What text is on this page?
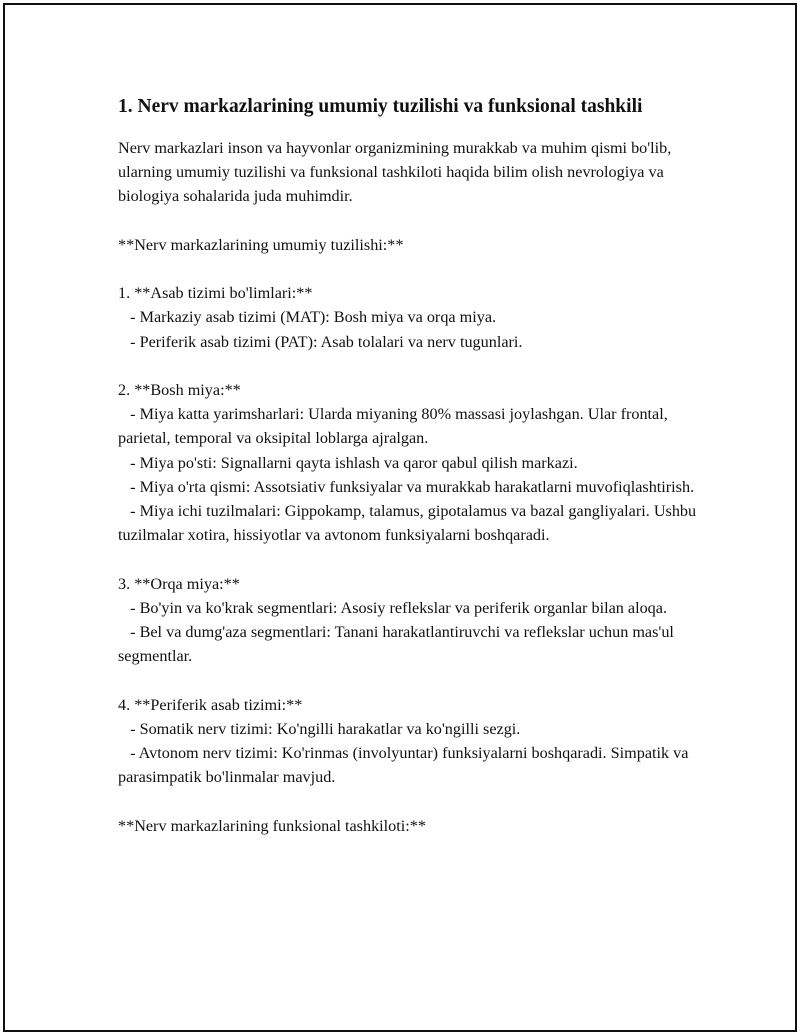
1. Nerv markazlarining umumiy tuzilishi va funksional tashkili

Nerv markazlari inson va hayvonlar organizmining murakkab va muhim qismi bo'lib, ularning umumiy tuzilishi va funksional tashkiloti haqida bilim olish nevrologiya va biologiya sohalarida juda muhimdir.

**Nerv markazlarining umumiy tuzilishi:**

1. **Asab tizimi bo'limlari:**

- Markaziy asab tizimi (MAT): Bosh miya va orqa miya.

- Periferik asab tizimi (PAT): Asab tolalari va nerv tugunlari.

2. **Bosh miya:**

- Miya katta yarimsharlari: Ularda miyaning 80% massasi joylashgan. Ular frontal, parietal, temporal va oksipital loblarga ajralgan.

- Miya po'sti: Signallarni qayta ishlash va qaror qabul qilish markazi.

- Miya o'rta qismi: Assotsiativ funksiyalar va murakkab harakatlarni muvofiqlashtirish.

- Miya ichi tuzilmalari: Gippokamp, talamus, gipotalamus va bazal gangliyalari. Ushbu tuzilmalar xotira, hissiyotlar va avtonom funksiyalarni boshqaradi.

3. **Orqa miya:**

- Bo'yin va ko'krak segmentlari: Asosiy reflekslar va periferik organlar bilan aloqa.

- Bel va dumg'aza segmentlari: Tanani harakatlantiruvchi va reflekslar uchun mas'ul segmentlar.

4. **Periferik asab tizimi:**

- Somatik nerv tizimi: Ko'ngilli harakatlar va ko'ngilli sezgi.

- Avtonom nerv tizimi: Ko'rinmas (involyuntar) funksiyalarni boshqaradi. Simpatik va parasimpatik bo'linmalar mavjud.

**Nerv markazlarining funksional tashkiloti:**
